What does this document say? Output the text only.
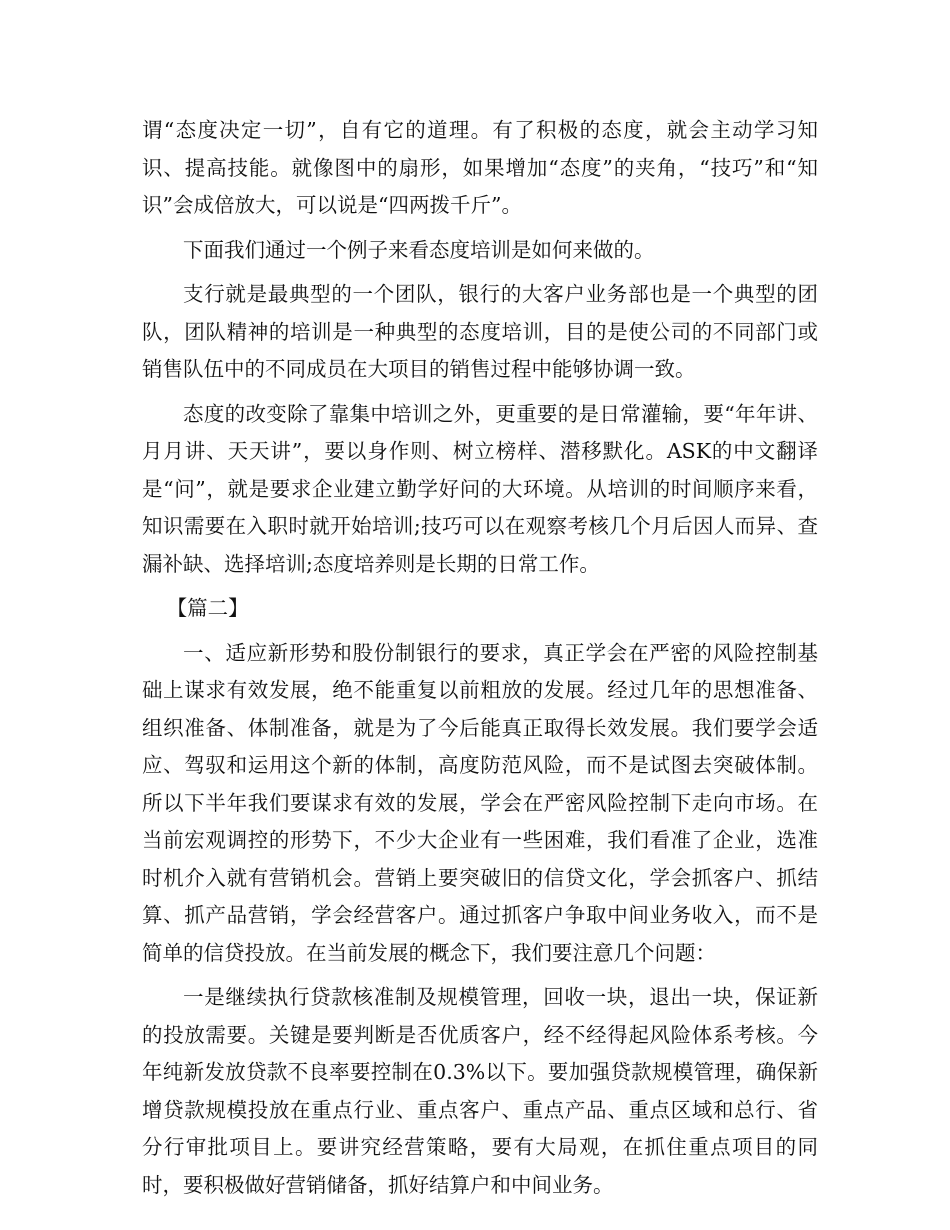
谓“态度决定一切”，自有它的道理。有了积极的态度，就会主动学习知识、提高技能。就像图中的扇形，如果增加“态度”的夹角，“技巧”和“知识”会成倍放大，可以说是“四两拨千斤”。

下面我们通过一个例子来看态度培训是如何来做的。

支行就是最典型的一个团队，银行的大客户业务部也是一个典型的团队，团队精神的培训是一种典型的态度培训，目的是使公司的不同部门或销售队伍中的不同成员在大项目的销售过程中能够协调一致。

态度的改变除了靠集中培训之外，更重要的是日常灌输，要“年年讲、月月讲、天天讲”，要以身作则、树立榜样、潜移默化。ASK的中文翻译是“问”，就是要求企业建立勤学好问的大环境。从培训的时间顺序来看，知识需要在入职时就开始培训;技巧可以在观察考核几个月后因人而异、查漏补缺、选择培训;态度培养则是长期的日常工作。

【篇二】

一、适应新形势和股份制银行的要求，真正学会在严密的风险控制基础上谋求有效发展，绝不能重复以前粗放的发展。经过几年的思想准备、组织准备、体制准备，就是为了今后能真正取得长效发展。我们要学会适应、驾驭和运用这个新的体制，高度防范风险，而不是试图去突破体制。所以下半年我们要谋求有效的发展，学会在严密风险控制下走向市场。在当前宏观调控的形势下，不少大企业有一些困难，我们看准了企业，选准时机介入就有营销机会。营销上要突破旧的信贷文化，学会抓客户、抓结算、抓产品营销，学会经营客户。通过抓客户争取中间业务收入，而不是简单的信贷投放。在当前发展的概念下，我们要注意几个问题：

一是继续执行贷款核准制及规模管理，回收一块，退出一块，保证新的投放需要。关键是要判断是否优质客户，经不经得起风险体系考核。今年纯新发放贷款不良率要控制在0.3%以下。要加强贷款规模管理，确保新增贷款规模投放在重点行业、重点客户、重点产品、重点区域和总行、省分行审批项目上。要讲究经营策略，要有大局观，在抓住重点项目的同时，要积极做好营销储备，抓好结算户和中间业务。
